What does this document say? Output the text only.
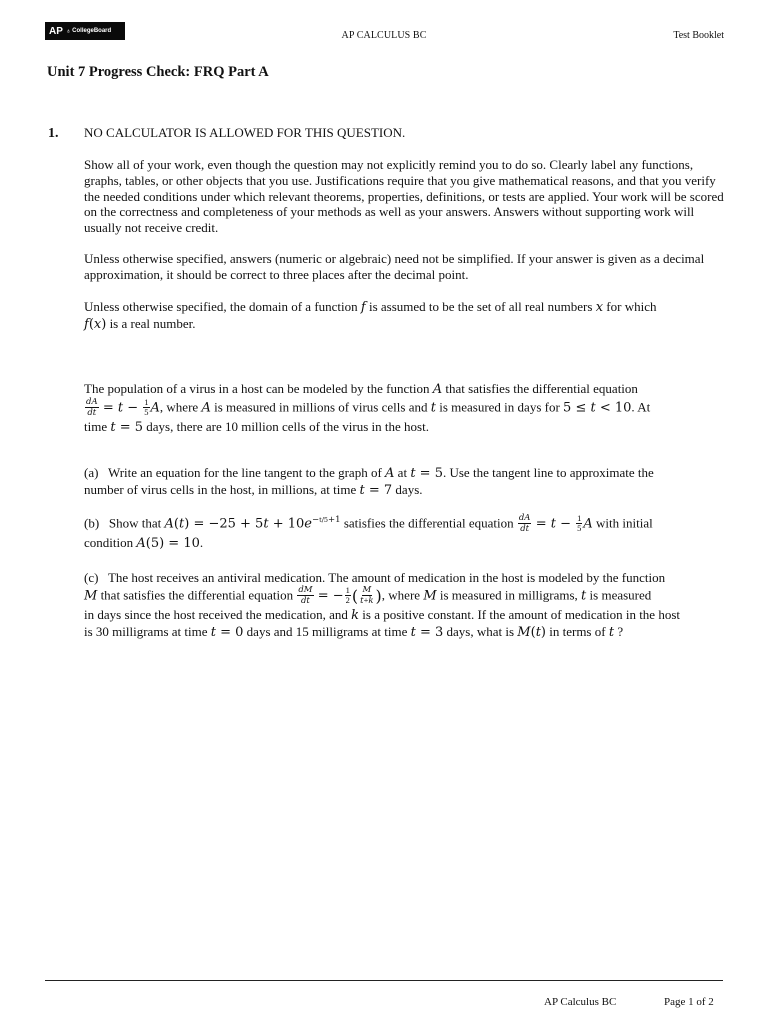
AP ♁ CollegeBoard	AP CALCULUS BC	Test Booklet
Unit 7 Progress Check: FRQ Part A
1. NO CALCULATOR IS ALLOWED FOR THIS QUESTION.
Show all of your work, even though the question may not explicitly remind you to do so. Clearly label any functions, graphs, tables, or other objects that you use. Justifications require that you give mathematical reasons, and that you verify the needed conditions under which relevant theorems, properties, definitions, or tests are applied. Your work will be scored on the correctness and completeness of your methods as well as your answers. Answers without supporting work will usually not receive credit.
Unless otherwise specified, answers (numeric or algebraic) need not be simplified. If your answer is given as a decimal approximation, it should be correct to three places after the decimal point.
Unless otherwise specified, the domain of a function f is assumed to be the set of all real numbers x for which
f(x) is a real number.
The population of a virus in a host can be modeled by the function A that satisfies the differential equation

$\frac{dA}{dt} = t - \frac{1}{5} A$, where A is measured in millions of virus cells and t is measured in days for 5 ≤ t < 10. At
time t = 5 days, there are 10 million cells of the virus in the host.
(a)   Write an equation for the line tangent to the graph of A at t = 5. Use the tangent line to approximate the
number of virus cells in the host, in millions, at time t = 7 days.
(b)   Show that $A(t) = -25 + 5t + 10e^{-t/5+1}$ satisfies the differential equation $\frac{dA}{dt} = t - \frac{1}{5}$ A with initial
condition A(5) = 10.
(c)   The host receives an antiviral medication. The amount of medication in the host is modeled by the function
M that satisfies the differential equation $\frac{dM}{dt}$ = − $\frac{1}{2}$ ( $\frac{M}{t+k}$ ), where M is measured in milligrams, t is measured
in days since the host received the medication, and k is a positive constant. If the amount of medication in the host
is 30 milligrams at time t = 0 days and 15 milligrams at time t = 3 days, what is M(t) in terms of t ?
AP Calculus BC	Page 1 of 2
